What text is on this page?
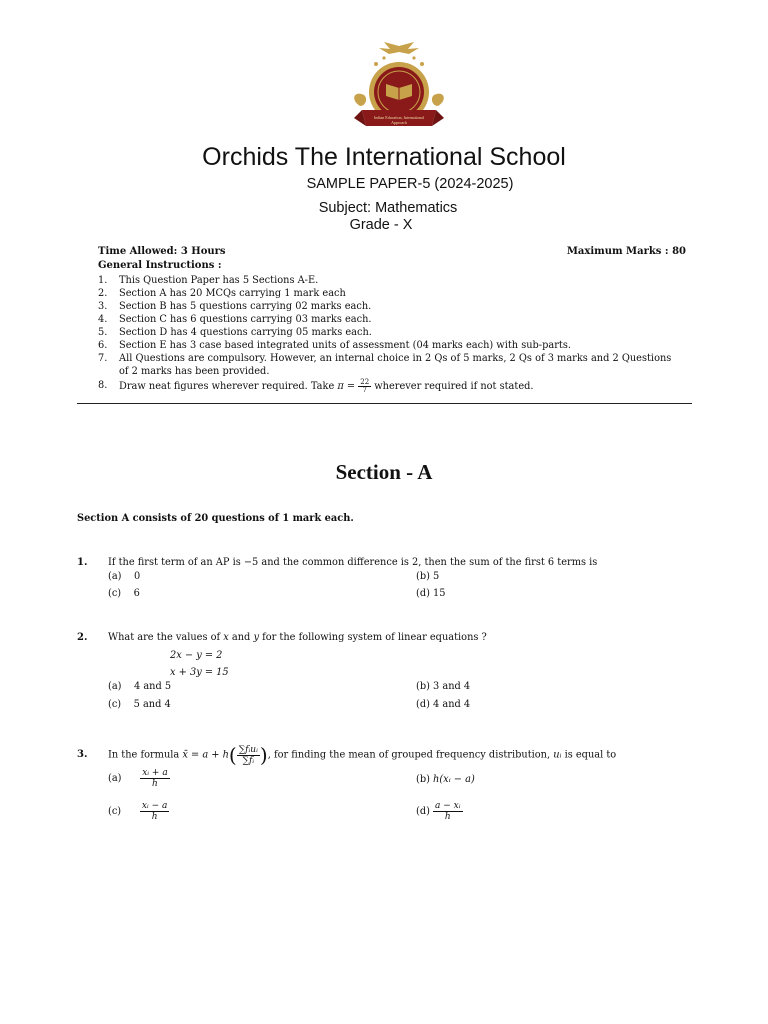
Indian Education, International Approach
Orchids The International School
SAMPLE PAPER-5 (2024-2025)
Subject: Mathematics
Grade - X
Time Allowed: 3 Hours	Maximum Marks : 80
General Instructions :
1. This Question Paper has 5 Sections A-E.
2. Section A has 20 MCQs carrying 1 mark each
3. Section B has 5 questions carrying 02 marks each.
4. Section C has 6 questions carrying 03 marks each.
5. Section D has 4 questions carrying 05 marks each.
6. Section E has 3 case based integrated units of assessment (04 marks each) with sub-parts.
7. All Questions are compulsory. However, an internal choice in 2 Qs of 5 marks, 2 Qs of 3 marks and 2 Questions
of 2 marks has been provided.
8. Draw neat figures wherever required. Take $\pi = \frac{22}{7}$ wherever required if not stated.
Section - A
Section A consists of 20 questions of 1 mark each.
1. If the first term of an AP is −5 and the common difference is 2, then the sum of the first 6 terms is
(a) 0	(b) 5
(c) 6	(d) 15
2. What are the values of x and y for the following system of linear equations ?
2x − y = 2
x + 3y = 15
(a) 4 and 5	(b) 3 and 4
(c) 5 and 4	(d) 4 and 4
3. In the formula x̄ = $a + h( \frac{\text{∑fᵢuᵢ}}{\text{∑fᵢ}}$ ), for finding the mean of grouped frequency distribution, uᵢ is equal to
$(a) \frac{\text{xᵢ + a}}{h}$	(b) h(xᵢ − a)
$(c) \frac{\text{xᵢ − a}}{h}$	$(d) \frac{\text{a − xᵢ}}{h}$
